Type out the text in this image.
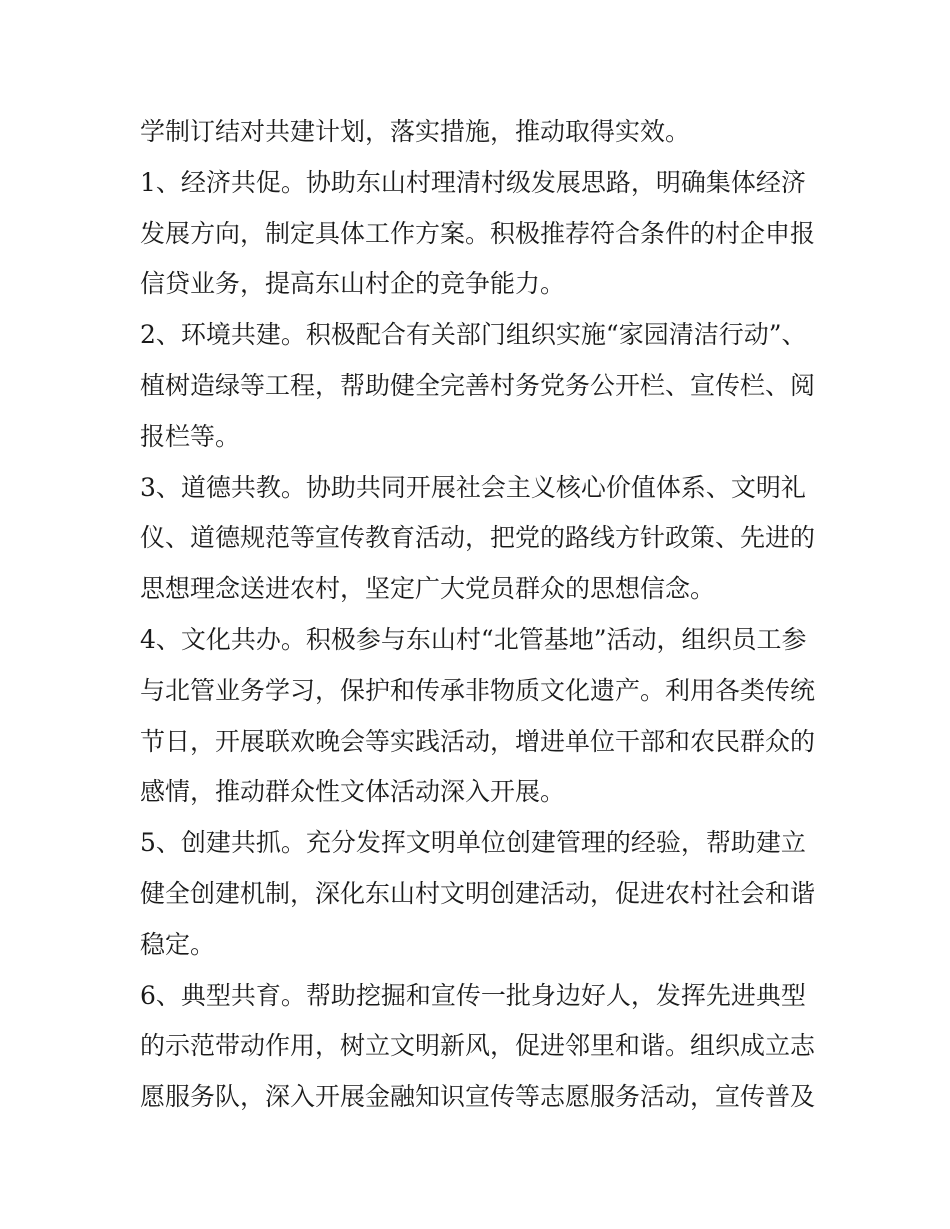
学制订结对共建计划，落实措施，推动取得实效。
1、经济共促。协助东山村理清村级发展思路，明确集体经济
发展方向，制定具体工作方案。积极推荐符合条件的村企申报
信贷业务，提高东山村企的竞争能力。
2、环境共建。积极配合有关部门组织实施“家园清洁行动”、
植树造绿等工程，帮助健全完善村务党务公开栏、宣传栏、阅
报栏等。
3、道德共教。协助共同开展社会主义核心价值体系、文明礼
仪、道德规范等宣传教育活动，把党的路线方针政策、先进的
思想理念送进农村，坚定广大党员群众的思想信念。
4、文化共办。积极参与东山村“北管基地”活动，组织员工参
与北管业务学习，保护和传承非物质文化遗产。利用各类传统
节日，开展联欢晚会等实践活动，增进单位干部和农民群众的
感情，推动群众性文体活动深入开展。
5、创建共抓。充分发挥文明单位创建管理的经验，帮助建立
健全创建机制，深化东山村文明创建活动，促进农村社会和谐
稳定。
6、典型共育。帮助挖掘和宣传一批身边好人，发挥先进典型
的示范带动作用，树立文明新风，促进邻里和谐。组织成立志
愿服务队，深入开展金融知识宣传等志愿服务活动，宣传普及
